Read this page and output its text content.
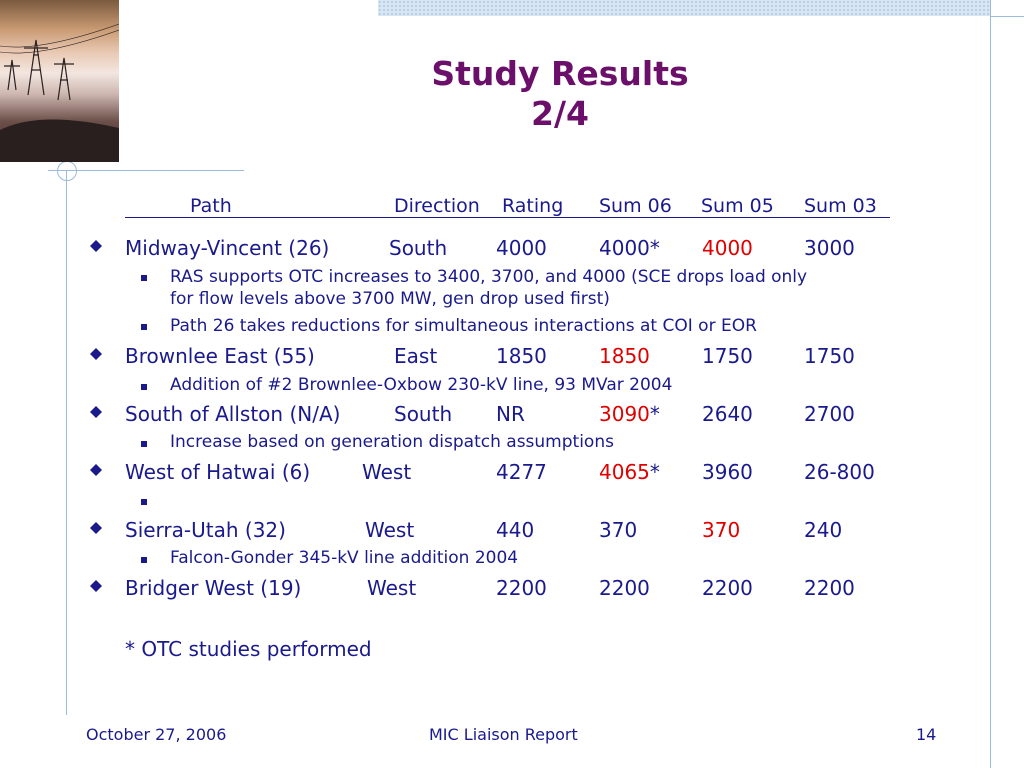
Study Results
2/4
Path	Direction Rating Sum 06 Sum 05 Sum 03
Midway-Vincent (26)	South 4000	4000* 4000	3000
RAS supports OTC increases to 3400, 3700, and 4000 (SCE drops load only
for flow levels above 3700 MW, gen drop used first)
Path 26 takes reductions for simultaneous interactions at COI or EOR
Brownlee East (55)	East	1850	1850	1750	1750
Addition of #2 Brownlee-Oxbow 230-kV line, 93 MVar 2004
South of Allston (N/A)	South NR	3090* 2640	2700
Increase based on generation dispatch assumptions
West of Hatwai (6)	West	4277	4065* 3960	26-800
Sierra-Utah (32)	West	440	370	370	240
Falcon-Gonder 345-kV line addition 2004
Bridger West (19)	West	2200	2200	2200	2200
* OTC studies performed
October 27, 2006	MIC Liaison Report	14
